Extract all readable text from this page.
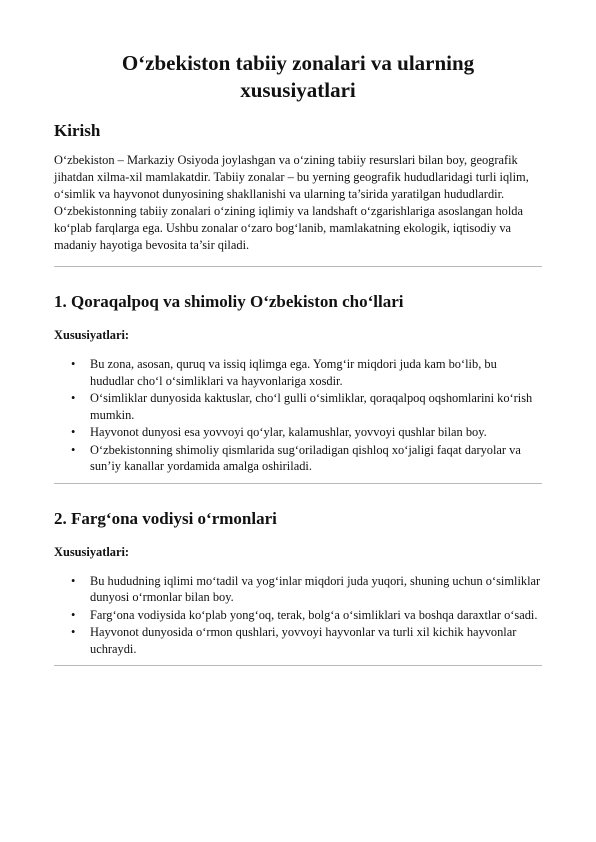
O‘zbekiston tabiiy zonalari va ularning xususiyatlari
Kirish

O‘zbekiston – Markaziy Osiyoda joylashgan va o‘zining tabiiy resurslari bilan boy, geografik jihatdan xilma-xil mamlakatdir. Tabiiy zonalar – bu yerning geografik hududlaridagi turli iqlim, o‘simlik va hayvonot dunyosining shakllanishi va ularning ta’sirida yaratilgan hududlardir. O‘zbekistonning tabiiy zonalari o‘zining iqlimiy va landshaft o‘zgarishlariga asoslangan holda ko‘plab farqlarga ega. Ushbu zonalar o‘zaro bog‘lanib, mamlakatning ekologik, iqtisodiy va madaniy hayotiga bevosita ta’sir qiladi.

1. Qoraqalpoq va shimoliy O‘zbekiston cho‘llari
Xususiyatlari:
• Bu zona, asosan, quruq va issiq iqlimga ega. Yomg‘ir miqdori juda kam bo‘lib, bu hududlar cho‘l o‘simliklari va hayvonlariga xosdir.
• O‘simliklar dunyosida kaktuslar, cho‘l gulli o‘simliklar, qoraqalpoq oqshomlarini ko‘rish mumkin.
• Hayvonot dunyosi esa yovvoyi qo‘ylar, kalamushlar, yovvoyi qushlar bilan boy.
• O‘zbekistonning shimoliy qismlarida sug‘oriladigan qishloq xo‘jaligi faqat daryolar va sun’iy kanallar yordamida amalga oshiriladi.
2. Farg‘ona vodiysi o‘rmonlari
Xususiyatlari:
• Bu hududning iqlimi mo‘tadil va yog‘inlar miqdori juda yuqori, shuning uchun o‘simliklar dunyosi o‘rmonlar bilan boy.
• Farg‘ona vodiysida ko‘plab yong‘oq, terak, bolg‘a o‘simliklari va boshqa daraxtlar o‘sadi.
• Hayvonot dunyosida o‘rmon qushlari, yovvoyi hayvonlar va turli xil kichik hayvonlar uchraydi.
